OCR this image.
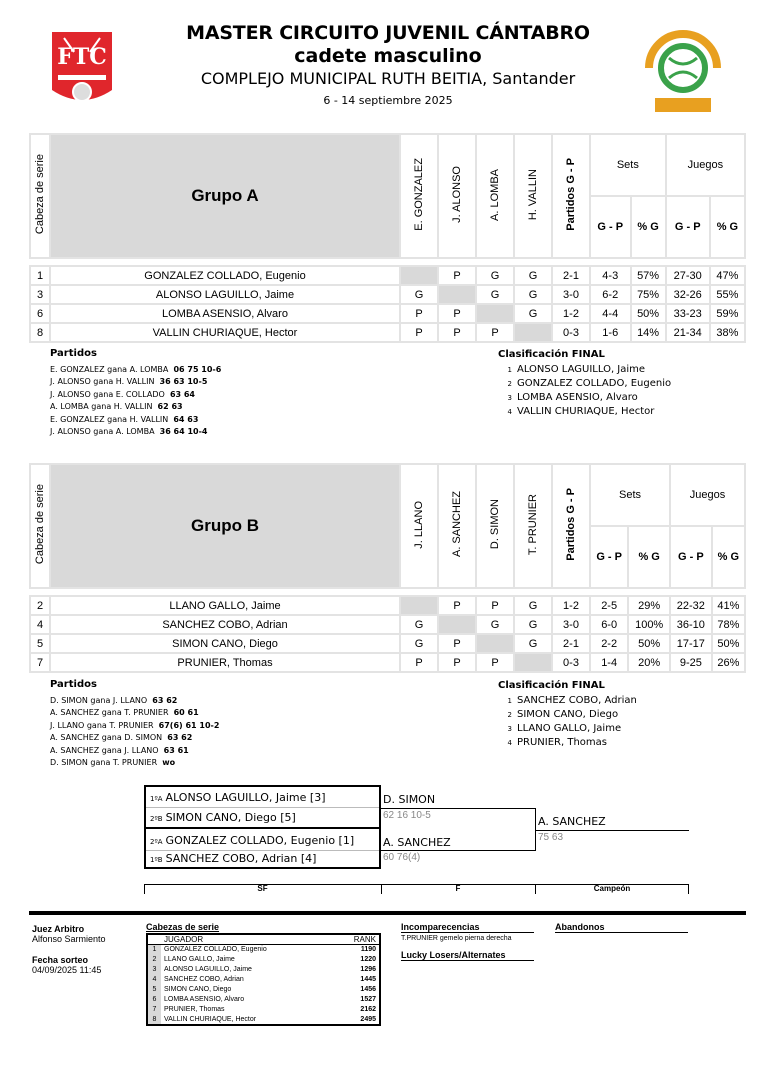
FTC
MASTER CIRCUITO JUVENIL CÁNTABRO
cadete masculino
COMPLEJO MUNICIPAL RUTH BEITIA, Santander
6 - 14 septiembre 2025
Cabeza de serie	Grupo A	E. GONZALEZ	J. ALONSO	A. LOMBA	H. VALLIN	Partidos G - P	Sets		Juegos	
							G - P	% G	G - P	% G

1	GONZALEZ COLLADO, Eugenio		P	G	G	2-1	4-3	57%	27-30	47%
3	ALONSO LAGUILLO, Jaime	G		G	G	3-0	6-2	75%	32-26	55%
6	LOMBA ASENSIO, Alvaro	P	P		G	1-2	4-4	50%	33-23	59%
8	VALLIN CHURIAQUE, Hector	P	P	P		0-3	1-6	14%	21-34	38%
Partidos
E. GONZALEZ gana A. LOMBA 06 75 10-6
J. ALONSO gana H. VALLIN 36 63 10-5
J. ALONSO gana E. COLLADO 63 64
A. LOMBA gana H. VALLIN 62 63
E. GONZALEZ gana H. VALLIN 64 63
J. ALONSO gana A. LOMBA 36 64 10-4
Clasificación FINAL
1 ALONSO LAGUILLO, Jaime
2 GONZALEZ COLLADO, Eugenio
3 LOMBA ASENSIO, Alvaro
4 VALLIN CHURIAQUE, Hector
Cabeza de serie	Grupo B	J. LLANO	A. SANCHEZ	D. SIMON	T. PRUNIER	Partidos G - P	Sets		Juegos	
							G - P	% G	G - P	% G

2	LLANO GALLO, Jaime		P	P	G	1-2	2-5	29%	22-32	41%
4	SANCHEZ COBO, Adrian	G		G	G	3-0	6-0	100%	36-10	78%
5	SIMON CANO, Diego	G	P		G	2-1	2-2	50%	17-17	50%
7	PRUNIER, Thomas	P	P	P		0-3	1-4	20%	9-25	26%
Partidos
D. SIMON gana J. LLANO 63 62
A. SANCHEZ gana T. PRUNIER 60 61
J. LLANO gana T. PRUNIER 67(6) 61 10-2
A. SANCHEZ gana D. SIMON 63 62
A. SANCHEZ gana J. LLANO 63 61
D. SIMON gana T. PRUNIER wo
Clasificación FINAL
1 SANCHEZ COBO, Adrian
2 SIMON CANO, Diego
3 LLANO GALLO, Jaime
4 PRUNIER, Thomas
1ºA ALONSO LAGUILLO, Jaime [3]
2ºB SIMON CANO, Diego [5]
2ºA GONZALEZ COLLADO, Eugenio [1]
1ºB SANCHEZ COBO, Adrian [4]
D. SIMON
62 16 10-5
A. SANCHEZ
60 76(4)
A. SANCHEZ
75 63
SF	F	Campeón
Juez Arbitro
Alfonso Sarmiento
Fecha sorteo
04/09/2025 11:45
Cabezas de serie
	JUGADOR	RANK
1	GONZALEZ COLLADO, Eugenio	1190
2	LLANO GALLO, Jaime	1220
3	ALONSO LAGUILLO, Jaime	1296
4	SANCHEZ COBO, Adrian	1445
5	SIMON CANO, Diego	1456
6	LOMBA ASENSIO, Alvaro	1527
7	PRUNIER, Thomas	2162
8	VALLIN CHURIAQUE, Hector	2495
Incomparecencias
T.PRUNIER gemelo pierna derecha
Lucky Losers/Alternates
Abandonos
